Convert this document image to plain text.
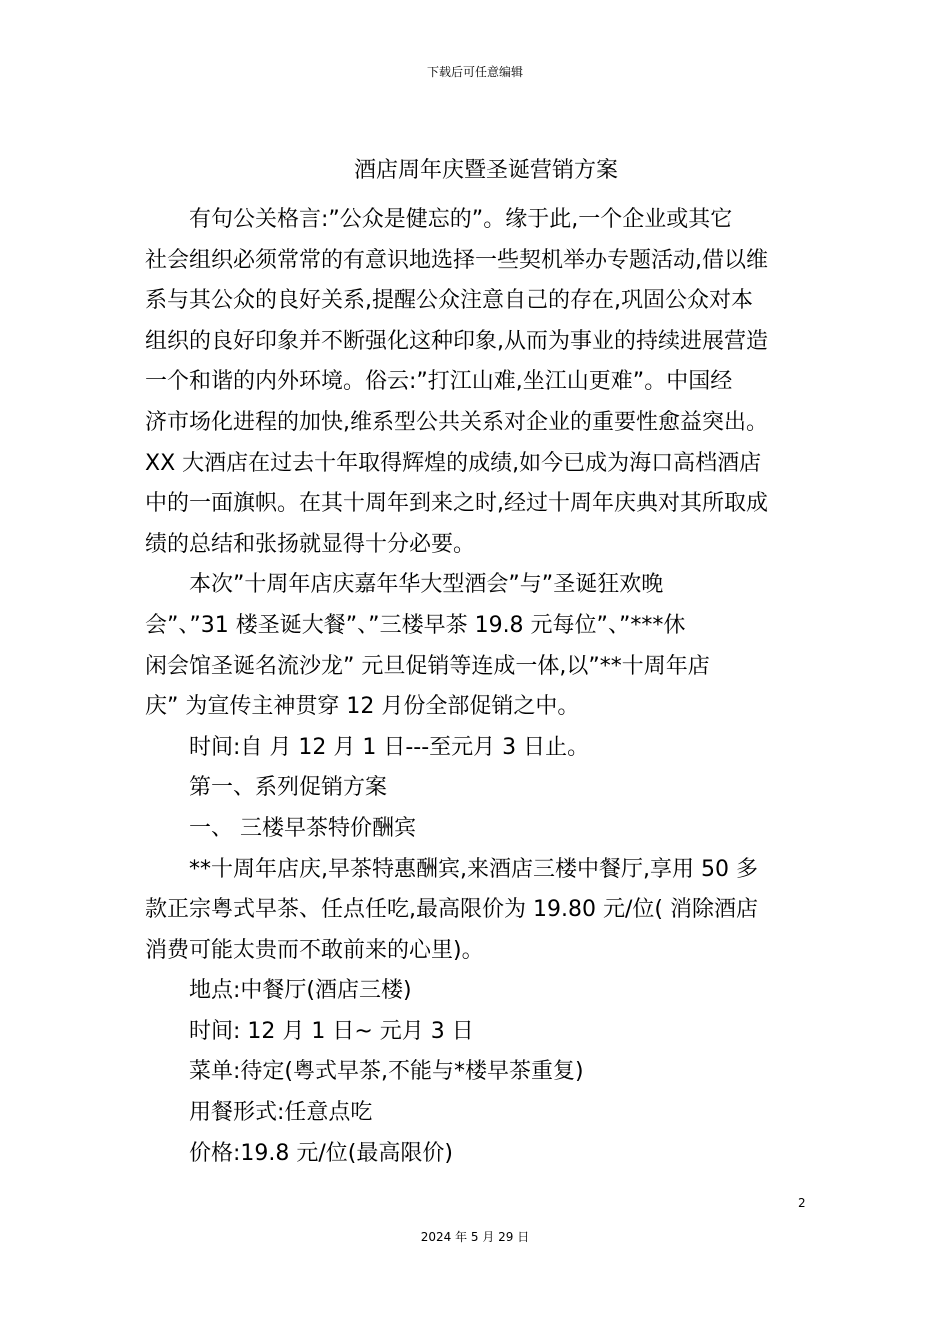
下载后可任意编辑
酒店周年庆暨圣诞营销方案

有句公关格言:”公众是健忘的”。缘于此,一个企业或其它

社会组织必须常常的有意识地选择一些契机举办专题活动,借以维

系与其公众的良好关系,提醒公众注意自己的存在,巩固公众对本

组织的良好印象并不断强化这种印象,从而为事业的持续进展营造

一个和谐的内外环境。俗云:”打江山难,坐江山更难”。中国经

济市场化进程的加快,维系型公共关系对企业的重要性愈益突出。

XX 大酒店在过去十年取得辉煌的成绩,如今已成为海口高档酒店

中的一面旗帜。在其十周年到来之时,经过十周年庆典对其所取成

绩的总结和张扬就显得十分必要。

本次”十周年店庆嘉年华大型酒会”与”圣诞狂欢晚

会”、”31 楼圣诞大餐”、”三楼早茶 19.8 元每位”、”***休

闲会馆圣诞名流沙龙” 元旦促销等连成一体,以”**十周年店

庆” 为宣传主神贯穿 12 月份全部促销之中。

时间:自 月 12 月 1 日---至元月 3 日止。

第一、系列促销方案

一、 三楼早茶特价酬宾

**十周年店庆,早茶特惠酬宾,来酒店三楼中餐厅,享用 50 多

款正宗粤式早茶、任点任吃,最高限价为 19.80 元/位( 消除酒店

消费可能太贵而不敢前来的心里)。

地点:中餐厅(酒店三楼)

时间: 12 月 1 日~ 元月 3 日

菜单:待定(粤式早茶,不能与*楼早茶重复)

用餐形式:任意点吃

价格:19.8 元/位(最高限价)

2
2024 年 5 月 29 日
